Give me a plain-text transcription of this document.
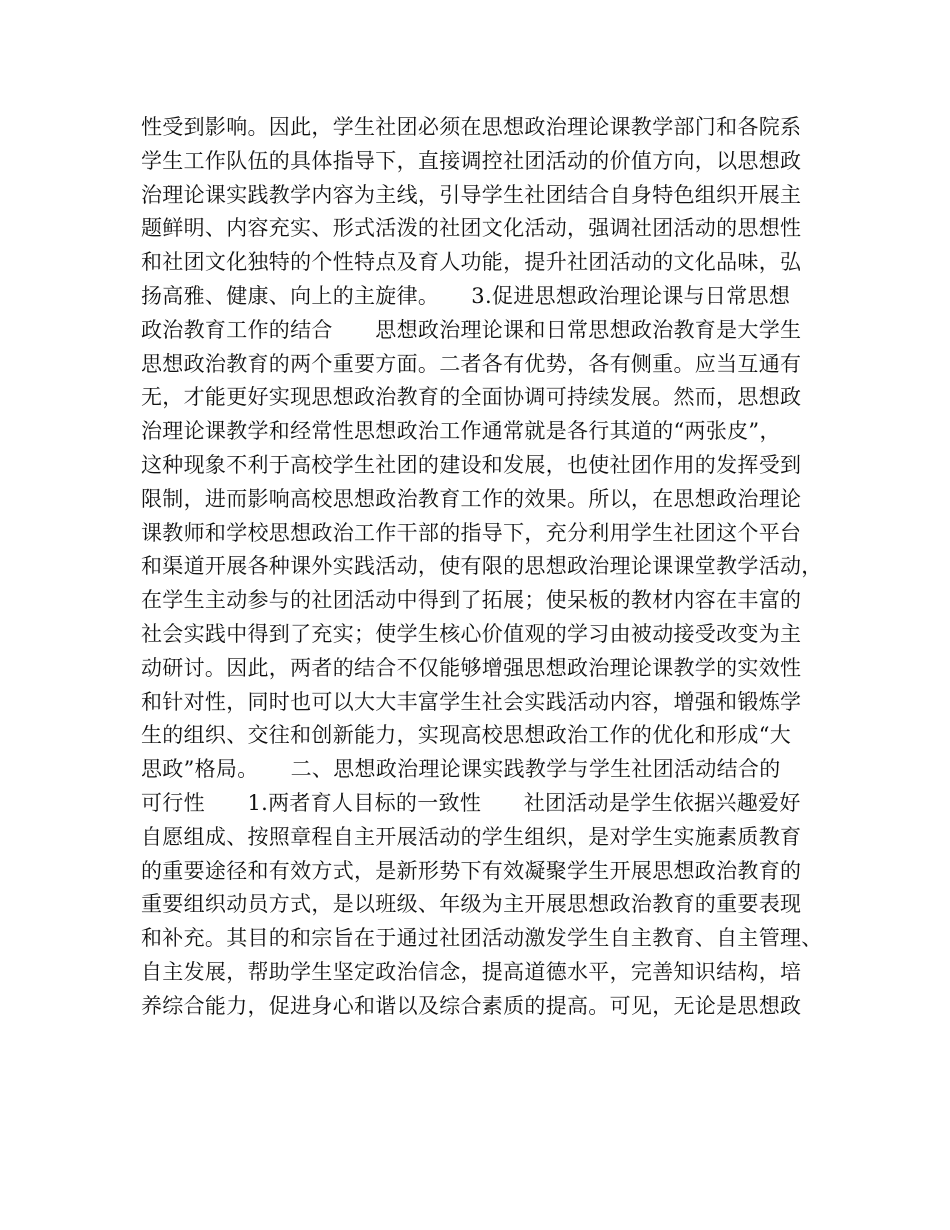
性受到影响。因此，学生社团必须在思想政治理论课教学部门和各院系
学生工作队伍的具体指导下，直接调控社团活动的价值方向，以思想政
治理论课实践教学内容为主线，引导学生社团结合自身特色组织开展主
题鲜明、内容充实、形式活泼的社团文化活动，强调社团活动的思想性
和社团文化独特的个性特点及育人功能，提升社团活动的文化品味，弘
扬高雅、健康、向上的主旋律。　　3.促进思想政治理论课与日常思想
政治教育工作的结合　　思想政治理论课和日常思想政治教育是大学生
思想政治教育的两个重要方面。二者各有优势，各有侧重。应当互通有
无，才能更好实现思想政治教育的全面协调可持续发展。然而，思想政
治理论课教学和经常性思想政治工作通常就是各行其道的“两张皮”，
这种现象不利于高校学生社团的建设和发展，也使社团作用的发挥受到
限制，进而影响高校思想政治教育工作的效果。所以，在思想政治理论
课教师和学校思想政治工作干部的指导下，充分利用学生社团这个平台
和渠道开展各种课外实践活动，使有限的思想政治理论课课堂教学活动，
在学生主动参与的社团活动中得到了拓展；使呆板的教材内容在丰富的
社会实践中得到了充实；使学生核心价值观的学习由被动接受改变为主
动研讨。因此，两者的结合不仅能够增强思想政治理论课教学的实效性
和针对性，同时也可以大大丰富学生社会实践活动内容，增强和锻炼学
生的组织、交往和创新能力，实现高校思想政治工作的优化和形成“大
思政”格局。　　二、思想政治理论课实践教学与学生社团活动结合的
可行性　　1.两者育人目标的一致性　　社团活动是学生依据兴趣爱好
自愿组成、按照章程自主开展活动的学生组织，是对学生实施素质教育
的重要途径和有效方式，是新形势下有效凝聚学生开展思想政治教育的
重要组织动员方式，是以班级、年级为主开展思想政治教育的重要表现
和补充。其目的和宗旨在于通过社团活动激发学生自主教育、自主管理、
自主发展，帮助学生坚定政治信念，提高道德水平，完善知识结构，培
养综合能力，促进身心和谐以及综合素质的提高。可见，无论是思想政
